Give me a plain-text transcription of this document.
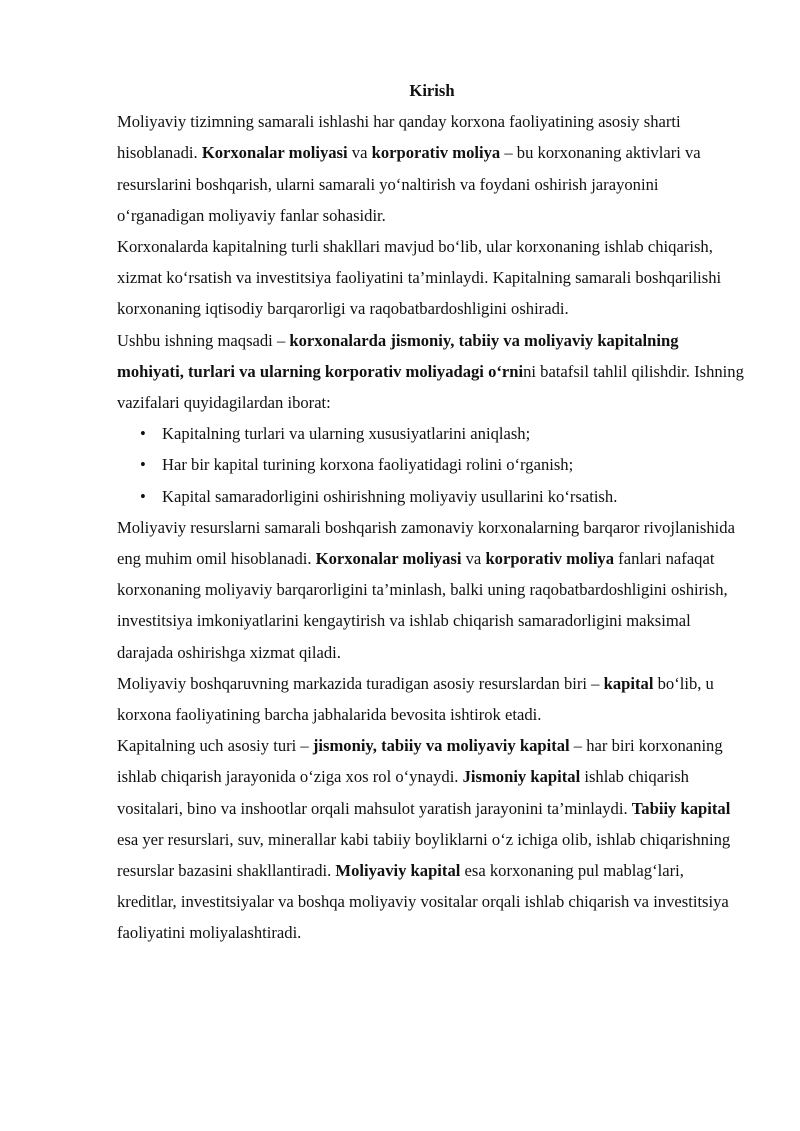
Kirish

Moliyaviy tizimning samarali ishlashi har qanday korxona faoliyatining asosiy sharti hisoblanadi. Korxonalar moliyasi va korporativ moliya – bu korxonaning aktivlari va resurslarini boshqarish, ularni samarali yo‘naltirish va foydani oshirish jarayonini o‘rganadigan moliyaviy fanlar sohasidir.

Korxonalarda kapitalning turli shakllari mavjud bo‘lib, ular korxonaning ishlab chiqarish, xizmat ko‘rsatish va investitsiya faoliyatini ta’minlaydi. Kapitalning samarali boshqarilishi korxonaning iqtisodiy barqarorligi va raqobatbardoshligini oshiradi.

Ushbu ishning maqsadi – korxonalarda jismoniy, tabiiy va moliyaviy kapitalning mohiyati, turlari va ularning korporativ moliyadagi o‘rnini batafsil tahlil qilishdir. Ishning vazifalari quyidagilardan iborat:

• Kapitalning turlari va ularning xususiyatlarini aniqlash;
• Har bir kapital turining korxona faoliyatidagi rolini o‘rganish;
• Kapital samaradorligini oshirishning moliyaviy usullarini ko‘rsatish.

Moliyaviy resurslarni samarali boshqarish zamonaviy korxonalarning barqaror rivojlanishida eng muhim omil hisoblanadi. Korxonalar moliyasi va korporativ moliya fanlari nafaqat korxonaning moliyaviy barqarorligini ta’minlash, balki uning raqobatbardoshligini oshirish, investitsiya imkoniyatlarini kengaytirish va ishlab chiqarish samaradorligini maksimal darajada oshirishga xizmat qiladi.

Moliyaviy boshqaruvning markazida turadigan asosiy resurslardan biri – kapital bo‘lib, u korxona faoliyatining barcha jabhalarida bevosita ishtirok etadi.

Kapitalning uch asosiy turi – jismoniy, tabiiy va moliyaviy kapital – har biri korxonaning ishlab chiqarish jarayonida o‘ziga xos rol o‘ynaydi. Jismoniy kapital ishlab chiqarish vositalari, bino va inshootlar orqali mahsulot yaratish jarayonini ta’minlaydi. Tabiiy kapital esa yer resurslari, suv, minerallar kabi tabiiy boyliklarni o‘z ichiga olib, ishlab chiqarishning resurslar bazasini shakllantiradi. Moliyaviy kapital esa korxonaning pul mablag‘lari, kreditlar, investitsiyalar va boshqa moliyaviy vositalar orqali ishlab chiqarish va investitsiya faoliyatini moliyalashtiradi.
